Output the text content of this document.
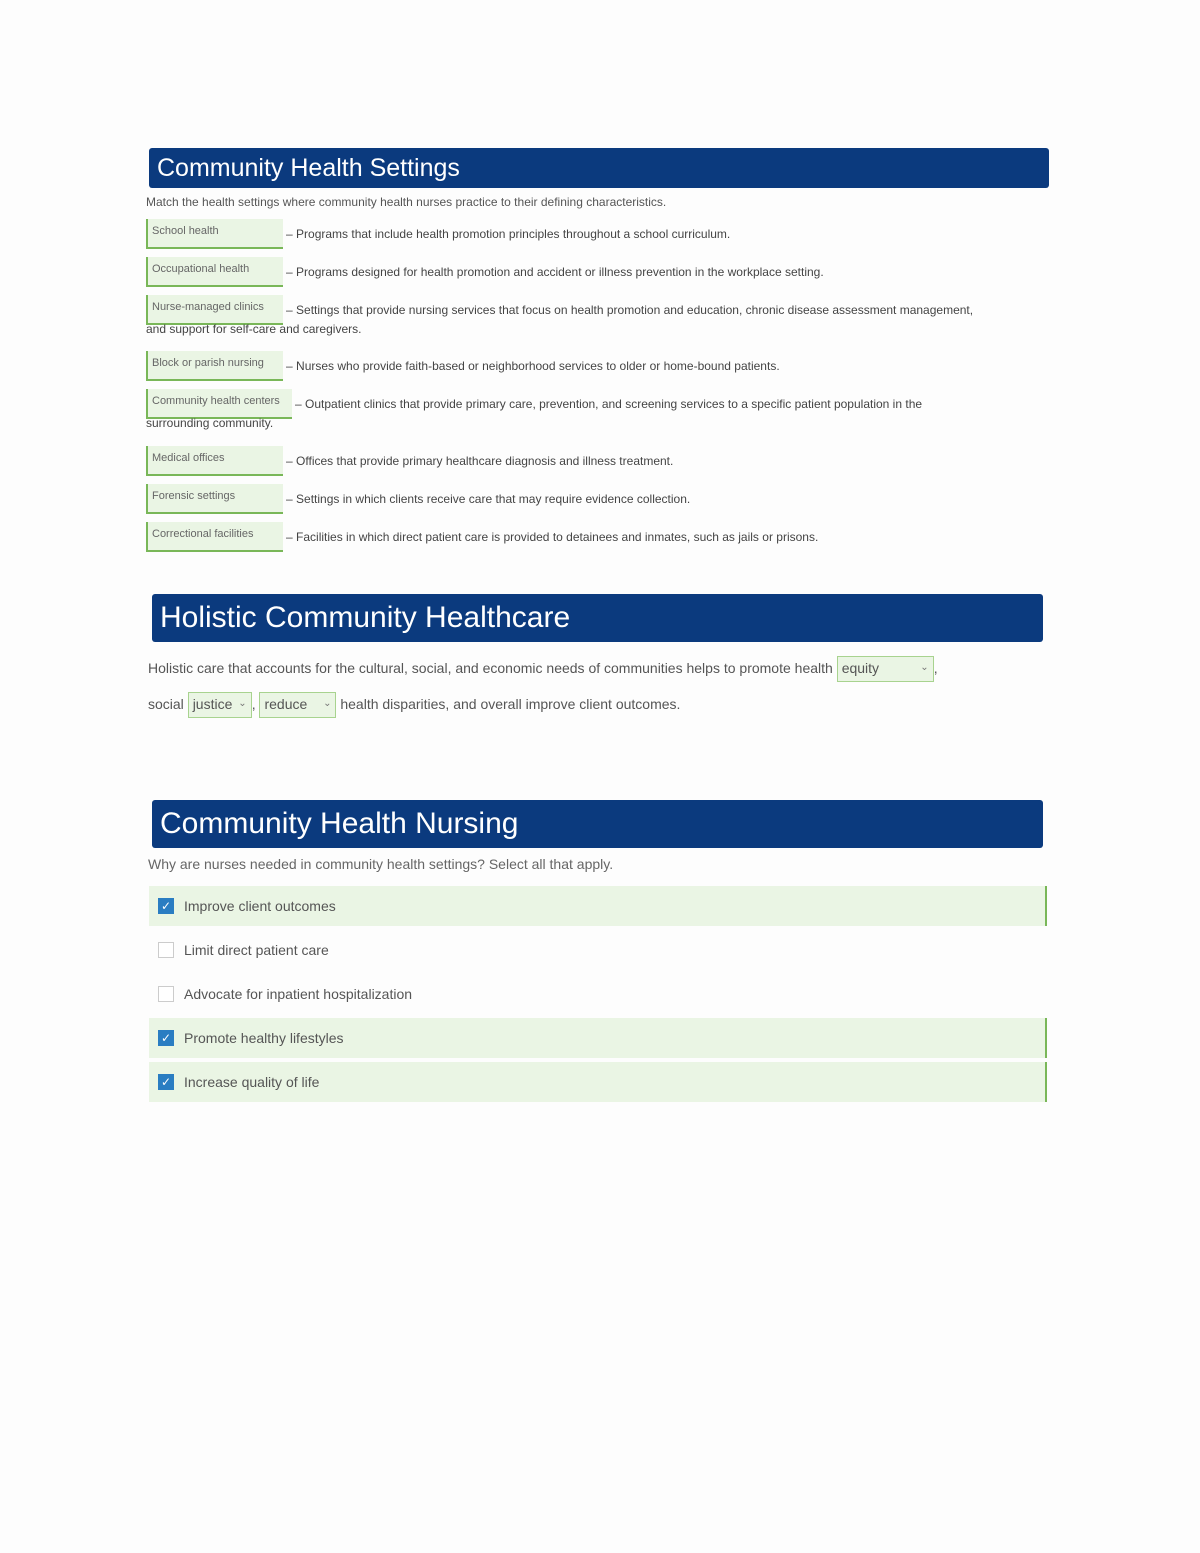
Community Health Settings
Match the health settings where community health nurses practice to their defining characteristics.
School health	– Programs that include health promotion principles throughout a school curriculum.
Occupational health	– Programs designed for health promotion and accident or illness prevention in the workplace setting.
Nurse-managed clinics – Settings that provide nursing services that focus on health promotion and education, chronic disease assessment management,
and support for self-care and caregivers.
Block or parish nursing – Nurses who provide faith-based or neighborhood services to older or home-bound patients.
Community health centers – Outpatient clinics that provide primary care, prevention, and screening services to a specific patient population in the
surrounding community.
Medical offices	– Offices that provide primary healthcare diagnosis and illness treatment.
Forensic settings	– Settings in which clients receive care that may require evidence collection.
Correctional facilities	– Facilities in which direct patient care is provided to detainees and inmates, such as jails or prisons.
Holistic Community Healthcare
Holistic care that accounts for the cultural, social, and economic needs of communities helps to promote health equity	⌄ ,
social justice ⌄ , reduce ⌄ health disparities, and overall improve client outcomes.
Community Health Nursing
Why are nurses needed in community health settings? Select all that apply.
✓ Improve client outcomes
Limit direct patient care
Advocate for inpatient hospitalization
✓ Promote healthy lifestyles
✓ Increase quality of life
